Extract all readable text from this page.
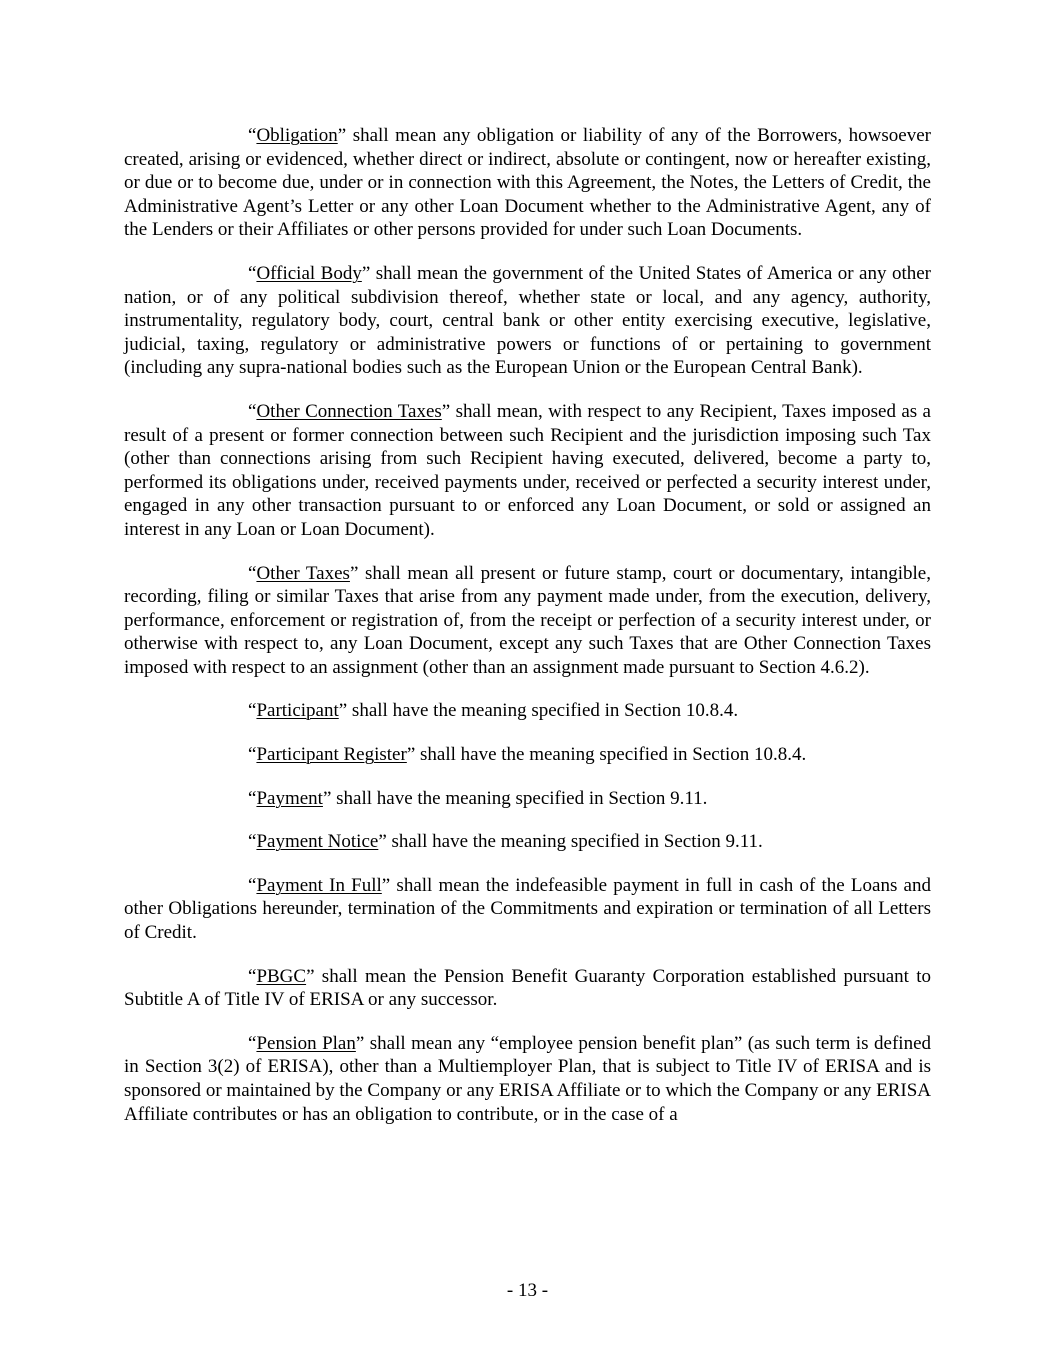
“Obligation” shall mean any obligation or liability of any of the Borrowers, howsoever created, arising or evidenced, whether direct or indirect, absolute or contingent, now or hereafter existing, or due or to become due, under or in connection with this Agreement, the Notes, the Letters of Credit, the Administrative Agent’s Letter or any other Loan Document whether to the Administrative Agent, any of the Lenders or their Affiliates or other persons provided for under such Loan Documents.

“Official Body” shall mean the government of the United States of America or any other nation, or of any political subdivision thereof, whether state or local, and any agency, authority, instrumentality, regulatory body, court, central bank or other entity exercising executive, legislative, judicial, taxing, regulatory or administrative powers or functions of or pertaining to government (including any supra-national bodies such as the European Union or the European Central Bank).

“Other Connection Taxes” shall mean, with respect to any Recipient, Taxes imposed as a result of a present or former connection between such Recipient and the jurisdiction imposing such Tax (other than connections arising from such Recipient having executed, delivered, become a party to, performed its obligations under, received payments under, received or perfected a security interest under, engaged in any other transaction pursuant to or enforced any Loan Document, or sold or assigned an interest in any Loan or Loan Document).

“Other Taxes” shall mean all present or future stamp, court or documentary, intangible, recording, filing or similar Taxes that arise from any payment made under, from the execution, delivery, performance, enforcement or registration of, from the receipt or perfection of a security interest under, or otherwise with respect to, any Loan Document, except any such Taxes that are Other Connection Taxes imposed with respect to an assignment (other than an assignment made pursuant to Section 4.6.2).

“Participant” shall have the meaning specified in Section 10.8.4.

“Participant Register” shall have the meaning specified in Section 10.8.4.

“Payment” shall have the meaning specified in Section 9.11.

“Payment Notice” shall have the meaning specified in Section 9.11.

“Payment In Full” shall mean the indefeasible payment in full in cash of the Loans and other Obligations hereunder, termination of the Commitments and expiration or termination of all Letters of Credit.

“PBGC” shall mean the Pension Benefit Guaranty Corporation established pursuant to Subtitle A of Title IV of ERISA or any successor.

“Pension Plan” shall mean any “employee pension benefit plan” (as such term is defined in Section 3(2) of ERISA), other than a Multiemployer Plan, that is subject to Title IV of ERISA and is sponsored or maintained by the Company or any ERISA Affiliate or to which the Company or any ERISA Affiliate contributes or has an obligation to contribute, or in the case of a

- 13 -
